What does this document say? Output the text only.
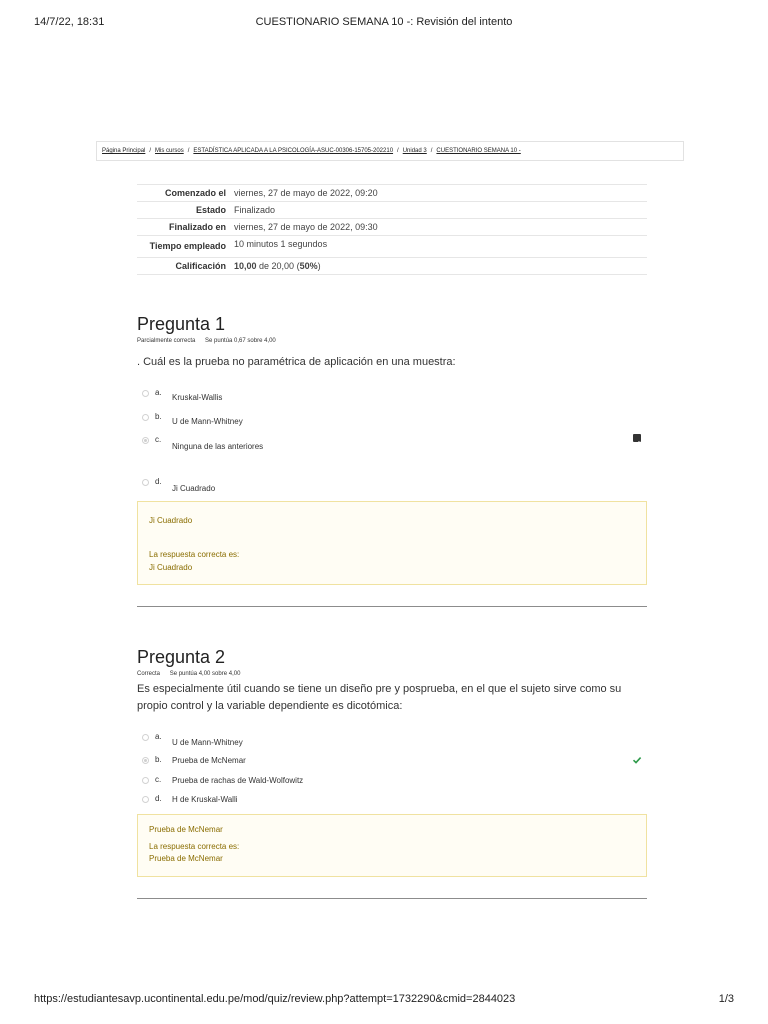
14/7/22, 18:31	CUESTIONARIO SEMANA 10 -: Revisión del intento
Página Principal / Mis cursos / ESTADÍSTICA APLICADA A LA PSICOLOGÍA-ASUC-00306-15705-202210 / Unidad 3 / CUESTIONARIO SEMANA 10 -
Comenzado el	viernes, 27 de mayo de 2022, 09:20
Estado	Finalizado
Finalizado en	viernes, 27 de mayo de 2022, 09:30
Tiempo empleado	10 minutos 1 segundos
Calificación	10,00 de 20,00 (50%)
Pregunta 1
Parcialmente correcta Se puntúa 0,67 sobre 4,00
. Cuál es la prueba no paramétrica de aplicación en una muestra:
a.
Kruskal-Wallis
b.
U de Mann-Whitney
c.
Ninguna de las anteriores
d.
Ji Cuadrado
Ji Cuadrado
La respuesta correcta es:
Ji Cuadrado
Pregunta 2
Correcta Se puntúa 4,00 sobre 4,00
Es especialmente útil cuando se tiene un diseño pre y posprueba, en el que el sujeto sirve como su propio control y la variable dependiente es dicotómica:
a.
U de Mann-Whitney
b. Prueba de McNemar
c. Prueba de rachas de Wald-Wolfowitz
d. H de Kruskal-Walli
Prueba de McNemar
La respuesta correcta es:
Prueba de McNemar
https://estudiantesavp.ucontinental.edu.pe/mod/quiz/review.php?attempt=1732290&cmid=2844023	1/3
